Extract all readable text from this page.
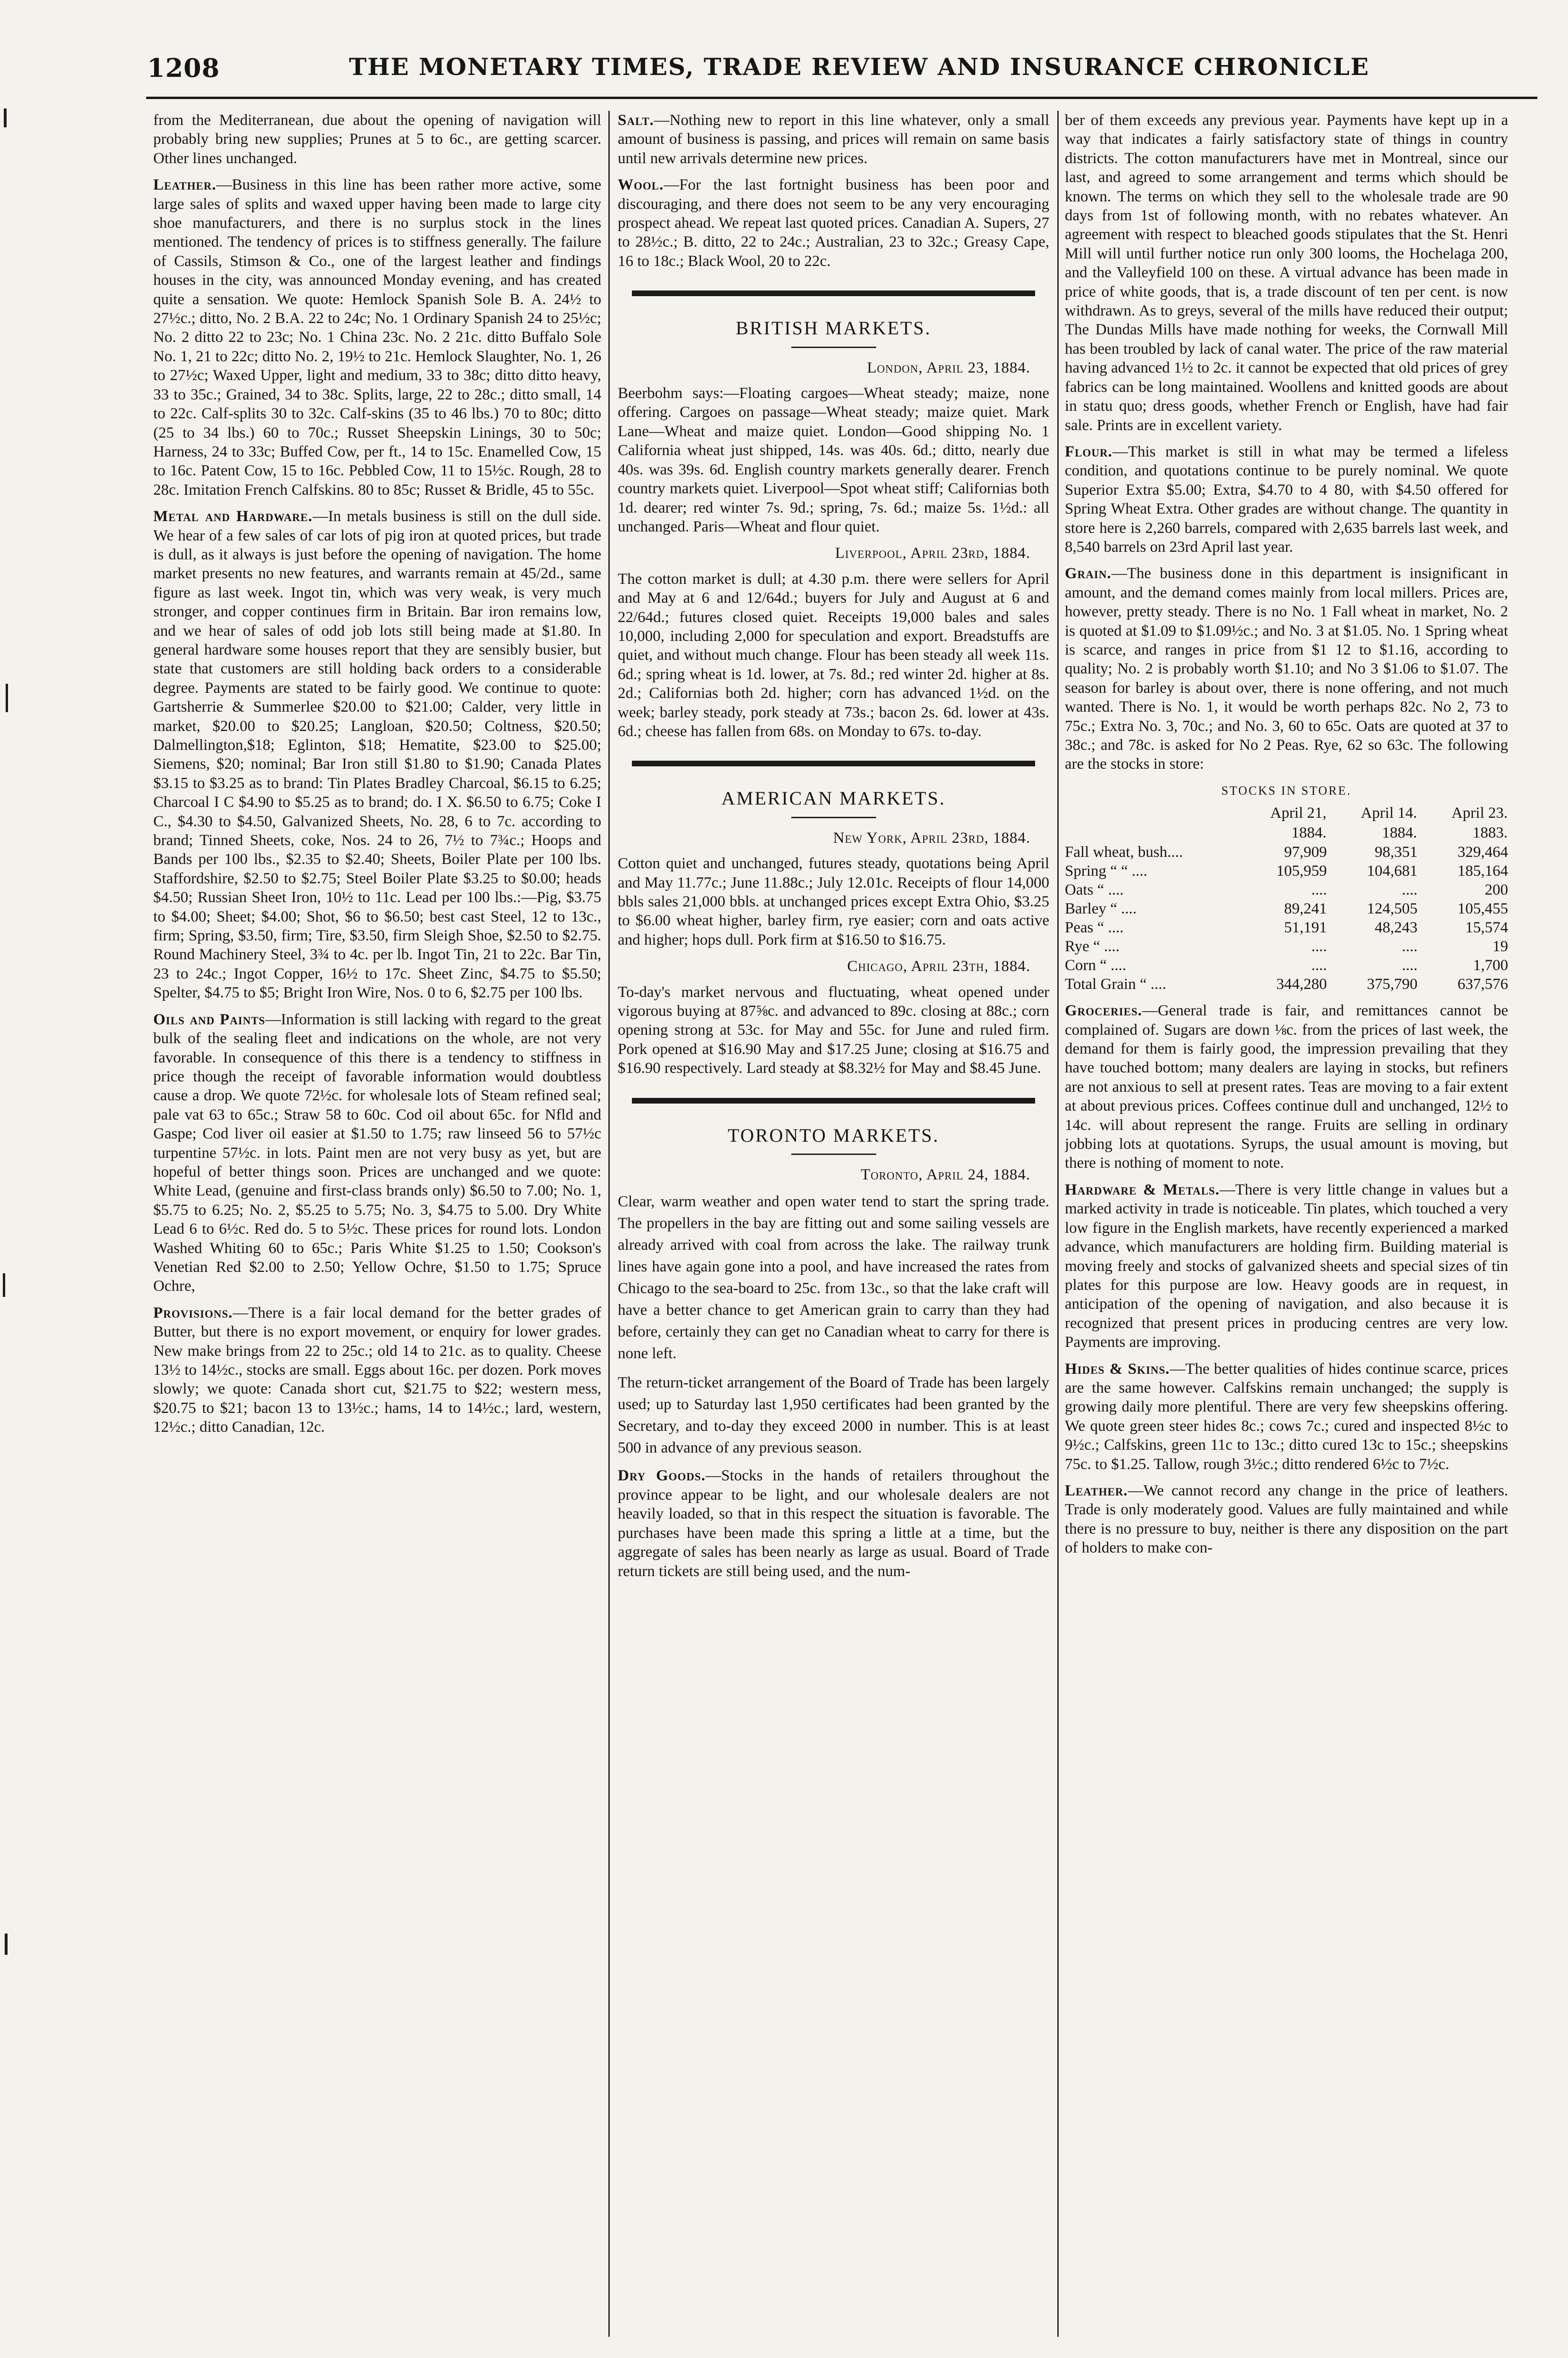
1208	THE MONETARY TIMES, TRADE REVIEW AND INSURANCE CHRONICLE

from the Mediterranean, due about the opening of navigation will probably bring new supplies; Prunes at 5 to 6c., are getting scarcer. Other lines unchanged.

Leather.—Business in this line has been rather more active, some large sales of splits and waxed upper having been made to large city shoe manufacturers, and there is no surplus stock in the lines mentioned. The tendency of prices is to stiffness generally. The failure of Cassils, Stimson & Co., one of the largest leather and findings houses in the city, was announced Monday evening, and has created quite a sensation. We quote: Hemlock Spanish Sole B. A. 24½ to 27½c.; ditto, No. 2 B.A. 22 to 24c; No. 1 Ordinary Spanish 24 to 25½c; No. 2 ditto 22 to 23c; No. 1 China 23c. No. 2 21c. ditto Buffalo Sole No. 1, 21 to 22c; ditto No. 2, 19½ to 21c. Hemlock Slaughter, No. 1, 26 to 27½c; Waxed Upper, light and medium, 33 to 38c; ditto ditto heavy, 33 to 35c.; Grained, 34 to 38c. Splits, large, 22 to 28c.; ditto small, 14 to 22c. Calf-splits 30 to 32c. Calf-skins (35 to 46 lbs.) 70 to 80c; ditto (25 to 34 lbs.) 60 to 70c.; Russet Sheepskin Linings, 30 to 50c; Harness, 24 to 33c; Buffed Cow, per ft., 14 to 15c. Enamelled Cow, 15 to 16c. Patent Cow, 15 to 16c. Pebbled Cow, 11 to 15½c. Rough, 28 to 28c. Imitation French Calfskins. 80 to 85c; Russet & Bridle, 45 to 55c.

Metal and Hardware.—In metals business is still on the dull side. We hear of a few sales of car lots of pig iron at quoted prices, but trade is dull, as it always is just before the opening of navigation. The home market presents no new features, and warrants remain at 45/2d., same figure as last week. Ingot tin, which was very weak, is very much stronger, and copper continues firm in Britain. Bar iron remains low, and we hear of sales of odd job lots still being made at $1.80. In general hardware some houses report that they are sensibly busier, but state that customers are still holding back orders to a considerable degree. Payments are stated to be fairly good. We continue to quote: Gartsherrie & Summerlee $20.00 to $21.00; Calder, very little in market, $20.00 to $20.25; Langloan, $20.50; Coltness, $20.50; Dalmellington,$18; Eglinton, $18; Hematite, $23.00 to $25.00; Siemens, $20; nominal; Bar Iron still $1.80 to $1.90; Canada Plates $3.15 to $3.25 as to brand: Tin Plates Bradley Charcoal, $6.15 to 6.25; Charcoal I C $4.90 to $5.25 as to brand; do. I X. $6.50 to 6.75; Coke I C., $4.30 to $4.50, Galvanized Sheets, No. 28, 6 to 7c. according to brand; Tinned Sheets, coke, Nos. 24 to 26, 7½ to 7¾c.; Hoops and Bands per 100 lbs., $2.35 to $2.40; Sheets, Boiler Plate per 100 lbs. Staffordshire, $2.50 to $2.75; Steel Boiler Plate $3.25 to $0.00; heads $4.50; Russian Sheet Iron, 10½ to 11c. Lead per 100 lbs.:—Pig, $3.75 to $4.00; Sheet; $4.00; Shot, $6 to $6.50; best cast Steel, 12 to 13c., firm; Spring, $3.50, firm; Tire, $3.50, firm Sleigh Shoe, $2.50 to $2.75. Round Machinery Steel, 3¾ to 4c. per lb. Ingot Tin, 21 to 22c. Bar Tin, 23 to 24c.; Ingot Copper, 16½ to 17c. Sheet Zinc, $4.75 to $5.50; Spelter, $4.75 to $5; Bright Iron Wire, Nos. 0 to 6, $2.75 per 100 lbs.

Oils and Paints—Information is still lacking with regard to the great bulk of the sealing fleet and indications on the whole, are not very favorable. In consequence of this there is a tendency to stiffness in price though the receipt of favorable information would doubtless cause a drop. We quote 72½c. for wholesale lots of Steam refined seal; pale vat 63 to 65c.; Straw 58 to 60c. Cod oil about 65c. for Nfld and Gaspe; Cod liver oil easier at $1.50 to 1.75; raw linseed 56 to 57½c turpentine 57½c. in lots. Paint men are not very busy as yet, but are hopeful of better things soon. Prices are unchanged and we quote: White Lead, (genuine and first-class brands only) $6.50 to 7.00; No. 1, $5.75 to 6.25; No. 2, $5.25 to 5.75; No. 3, $4.75 to 5.00. Dry White Lead 6 to 6½c. Red do. 5 to 5½c. These prices for round lots. London Washed Whiting 60 to 65c.; Paris White $1.25 to 1.50; Cookson's Venetian Red $2.00 to 2.50; Yellow Ochre, $1.50 to 1.75; Spruce Ochre,

Provisions.—There is a fair local demand for the better grades of Butter, but there is no export movement, or enquiry for lower grades. New make brings from 22 to 25c.; old 14 to 21c. as to quality. Cheese 13½ to 14½c., stocks are small. Eggs about 16c. per dozen. Pork moves slowly; we quote: Canada short cut, $21.75 to $22; western mess, $20.75 to $21; bacon 13 to 13½c.; hams, 14 to 14½c.; lard, western, 12½c.; ditto Canadian, 12c.

Salt.—Nothing new to report in this line whatever, only a small amount of business is passing, and prices will remain on same basis until new arrivals determine new prices.

Wool.—For the last fortnight business has been poor and discouraging, and there does not seem to be any very encouraging prospect ahead. We repeat last quoted prices. Canadian A. Supers, 27 to 28½c.; B. ditto, 22 to 24c.; Australian, 23 to 32c.; Greasy Cape, 16 to 18c.; Black Wool, 20 to 22c.

BRITISH MARKETS.
London, April 23, 1884.

Beerbohm says:—Floating cargoes—Wheat steady; maize, none offering. Cargoes on passage—Wheat steady; maize quiet. Mark Lane—Wheat and maize quiet. London—Good shipping No. 1 California wheat just shipped, 14s. was 40s. 6d.; ditto, nearly due 40s. was 39s. 6d. English country markets generally dearer. French country markets quiet. Liverpool—Spot wheat stiff; Californias both 1d. dearer; red winter 7s. 9d.; spring, 7s. 6d.; maize 5s. 1½d.: all unchanged. Paris—Wheat and flour quiet.

Liverpool, April 23rd, 1884.

The cotton market is dull; at 4.30 p.m. there were sellers for April and May at 6 and 12/64d.; buyers for July and August at 6 and 22/64d.; futures closed quiet. Receipts 19,000 bales and sales 10,000, including 2,000 for speculation and export. Breadstuffs are quiet, and without much change. Flour has been steady all week 11s. 6d.; spring wheat is 1d. lower, at 7s. 8d.; red winter 2d. higher at 8s. 2d.; Californias both 2d. higher; corn has advanced 1½d. on the week; barley steady, pork steady at 73s.; bacon 2s. 6d. lower at 43s. 6d.; cheese has fallen from 68s. on Monday to 67s. to-day.

AMERICAN MARKETS.
New York, April 23rd, 1884.

Cotton quiet and unchanged, futures steady, quotations being April and May 11.77c.; June 11.88c.; July 12.01c. Receipts of flour 14,000 bbls sales 21,000 bbls. at unchanged prices except Extra Ohio, $3.25 to $6.00 wheat higher, barley firm, rye easier; corn and oats active and higher; hops dull. Pork firm at $16.50 to $16.75.

Chicago, April 23th, 1884.

To-day's market nervous and fluctuating, wheat opened under vigorous buying at 87⅝c. and advanced to 89c. closing at 88c.; corn opening strong at 53c. for May and 55c. for June and ruled firm. Pork opened at $16.90 May and $17.25 June; closing at $16.75 and $16.90 respectively. Lard steady at $8.32½ for May and $8.45 June.

TORONTO MARKETS.
Toronto, April 24, 1884.

Clear, warm weather and open water tend to start the spring trade. The propellers in the bay are fitting out and some sailing vessels are already arrived with coal from across the lake. The railway trunk lines have again gone into a pool, and have increased the rates from Chicago to the sea-board to 25c. from 13c., so that the lake craft will have a better chance to get American grain to carry than they had before, certainly they can get no Canadian wheat to carry for there is none left.

The return-ticket arrangement of the Board of Trade has been largely used; up to Saturday last 1,950 certificates had been granted by the Secretary, and to-day they exceed 2000 in number. This is at least 500 in advance of any previous season.

Dry Goods.—Stocks in the hands of retailers throughout the province appear to be light, and our wholesale dealers are not heavily loaded, so that in this respect the situation is favorable. The purchases have been made this spring a little at a time, but the aggregate of sales has been nearly as large as usual. Board of Trade return tickets are still being used, and the num-

ber of them exceeds any previous year. Payments have kept up in a way that indicates a fairly satisfactory state of things in country districts. The cotton manufacturers have met in Montreal, since our last, and agreed to some arrangement and terms which should be known. The terms on which they sell to the wholesale trade are 90 days from 1st of following month, with no rebates whatever. An agreement with respect to bleached goods stipulates that the St. Henri Mill will until further notice run only 300 looms, the Hochelaga 200, and the Valleyfield 100 on these. A virtual advance has been made in price of white goods, that is, a trade discount of ten per cent. is now withdrawn. As to greys, several of the mills have reduced their output; The Dundas Mills have made nothing for weeks, the Cornwall Mill has been troubled by lack of canal water. The price of the raw material having advanced 1½ to 2c. it cannot be expected that old prices of grey fabrics can be long maintained. Woollens and knitted goods are about in statu quo; dress goods, whether French or English, have had fair sale. Prints are in excellent variety.

Flour.—This market is still in what may be termed a lifeless condition, and quotations continue to be purely nominal. We quote Superior Extra $5.00; Extra, $4.70 to 4 80, with $4.50 offered for Spring Wheat Extra. Other grades are without change. The quantity in store here is 2,260 barrels, compared with 2,635 barrels last week, and 8,540 barrels on 23rd April last year.

Grain.—The business done in this department is insignificant in amount, and the demand comes mainly from local millers. Prices are, however, pretty steady. There is no No. 1 Fall wheat in market, No. 2 is quoted at $1.09 to $1.09½c.; and No. 3 at $1.05. No. 1 Spring wheat is scarce, and ranges in price from $1 12 to $1.16, according to quality; No. 2 is probably worth $1.10; and No 3 $1.06 to $1.07. The season for barley is about over, there is none offering, and not much wanted. There is No. 1, it would be worth perhaps 82c. No 2, 73 to 75c.; Extra No. 3, 70c.; and No. 3, 60 to 65c. Oats are quoted at 37 to 38c.; and 78c. is asked for No 2 Peas. Rye, 62 so 63c. The following are the stocks in store:

STOCKS IN STORE.
	April 21,	April 14.	April 23.
	1884.	1884.	1883.
Fall wheat, bush....	97,909	98,351	329,464
Spring “ “ ....	105,959	104,681	185,164
Oats “ ....	....	....	200
Barley “ ....	89,241	124,505	105,455
Peas “ ....	51,191	48,243	15,574
Rye “ ....	....	....	19
Corn “ ....	....	....	1,700
Total Grain “ ....	344,280	375,790	637,576

Groceries.—General trade is fair, and remittances cannot be complained of. Sugars are down ⅛c. from the prices of last week, the demand for them is fairly good, the impression prevailing that they have touched bottom; many dealers are laying in stocks, but refiners are not anxious to sell at present rates. Teas are moving to a fair extent at about previous prices. Coffees continue dull and unchanged, 12½ to 14c. will about represent the range. Fruits are selling in ordinary jobbing lots at quotations. Syrups, the usual amount is moving, but there is nothing of moment to note.

Hardware & Metals.—There is very little change in values but a marked activity in trade is noticeable. Tin plates, which touched a very low figure in the English markets, have recently experienced a marked advance, which manufacturers are holding firm. Building material is moving freely and stocks of galvanized sheets and special sizes of tin plates for this purpose are low. Heavy goods are in request, in anticipation of the opening of navigation, and also because it is recognized that present prices in producing centres are very low. Payments are improving.

Hides & Skins.—The better qualities of hides continue scarce, prices are the same however. Calfskins remain unchanged; the supply is growing daily more plentiful. There are very few sheepskins offering. We quote green steer hides 8c.; cows 7c.; cured and inspected 8½c to 9½c.; Calfskins, green 11c to 13c.; ditto cured 13c to 15c.; sheepskins 75c. to $1.25. Tallow, rough 3½c.; ditto rendered 6½c to 7½c.

Leather.—We cannot record any change in the price of leathers. Trade is only moderately good. Values are fully maintained and while there is no pressure to buy, neither is there any disposition on the part of holders to make con-
